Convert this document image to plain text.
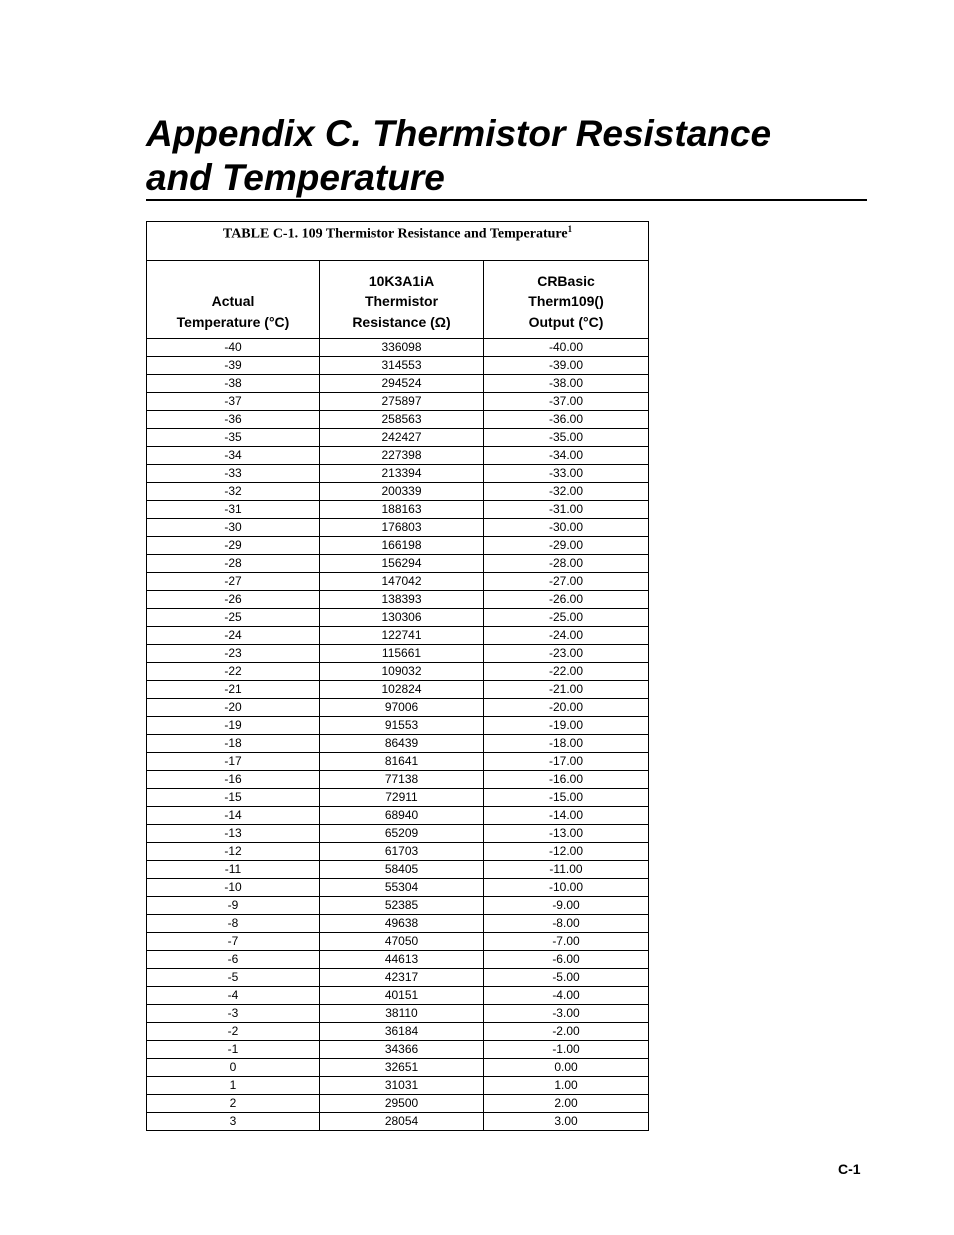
Appendix C. Thermistor Resistance
and Temperature
TABLE C-1. 109 Thermistor Resistance and Temperature$^1$

Actual
Temperature (°C)	10K3A1iA
Thermistor
Resistance (Ω)	CRBasic
Therm109()
Output (°C)

-40	336098	-40.00
-39	314553	-39.00
-38	294524	-38.00
-37	275897	-37.00
-36	258563	-36.00
-35	242427	-35.00
-34	227398	-34.00
-33	213394	-33.00
-32	200339	-32.00
-31	188163	-31.00
-30	176803	-30.00
-29	166198	-29.00
-28	156294	-28.00
-27	147042	-27.00
-26	138393	-26.00
-25	130306	-25.00
-24	122741	-24.00
-23	115661	-23.00
-22	109032	-22.00
-21	102824	-21.00
-20	97006	-20.00
-19	91553	-19.00
-18	86439	-18.00
-17	81641	-17.00
-16	77138	-16.00
-15	72911	-15.00
-14	68940	-14.00
-13	65209	-13.00
-12	61703	-12.00
-11	58405	-11.00
-10	55304	-10.00
-9	52385	-9.00
-8	49638	-8.00
-7	47050	-7.00
-6	44613	-6.00
-5	42317	-5.00
-4	40151	-4.00
-3	38110	-3.00
-2	36184	-2.00
-1	34366	-1.00
0	32651	0.00
1	31031	1.00
2	29500	2.00
3	28054	3.00
C-1
